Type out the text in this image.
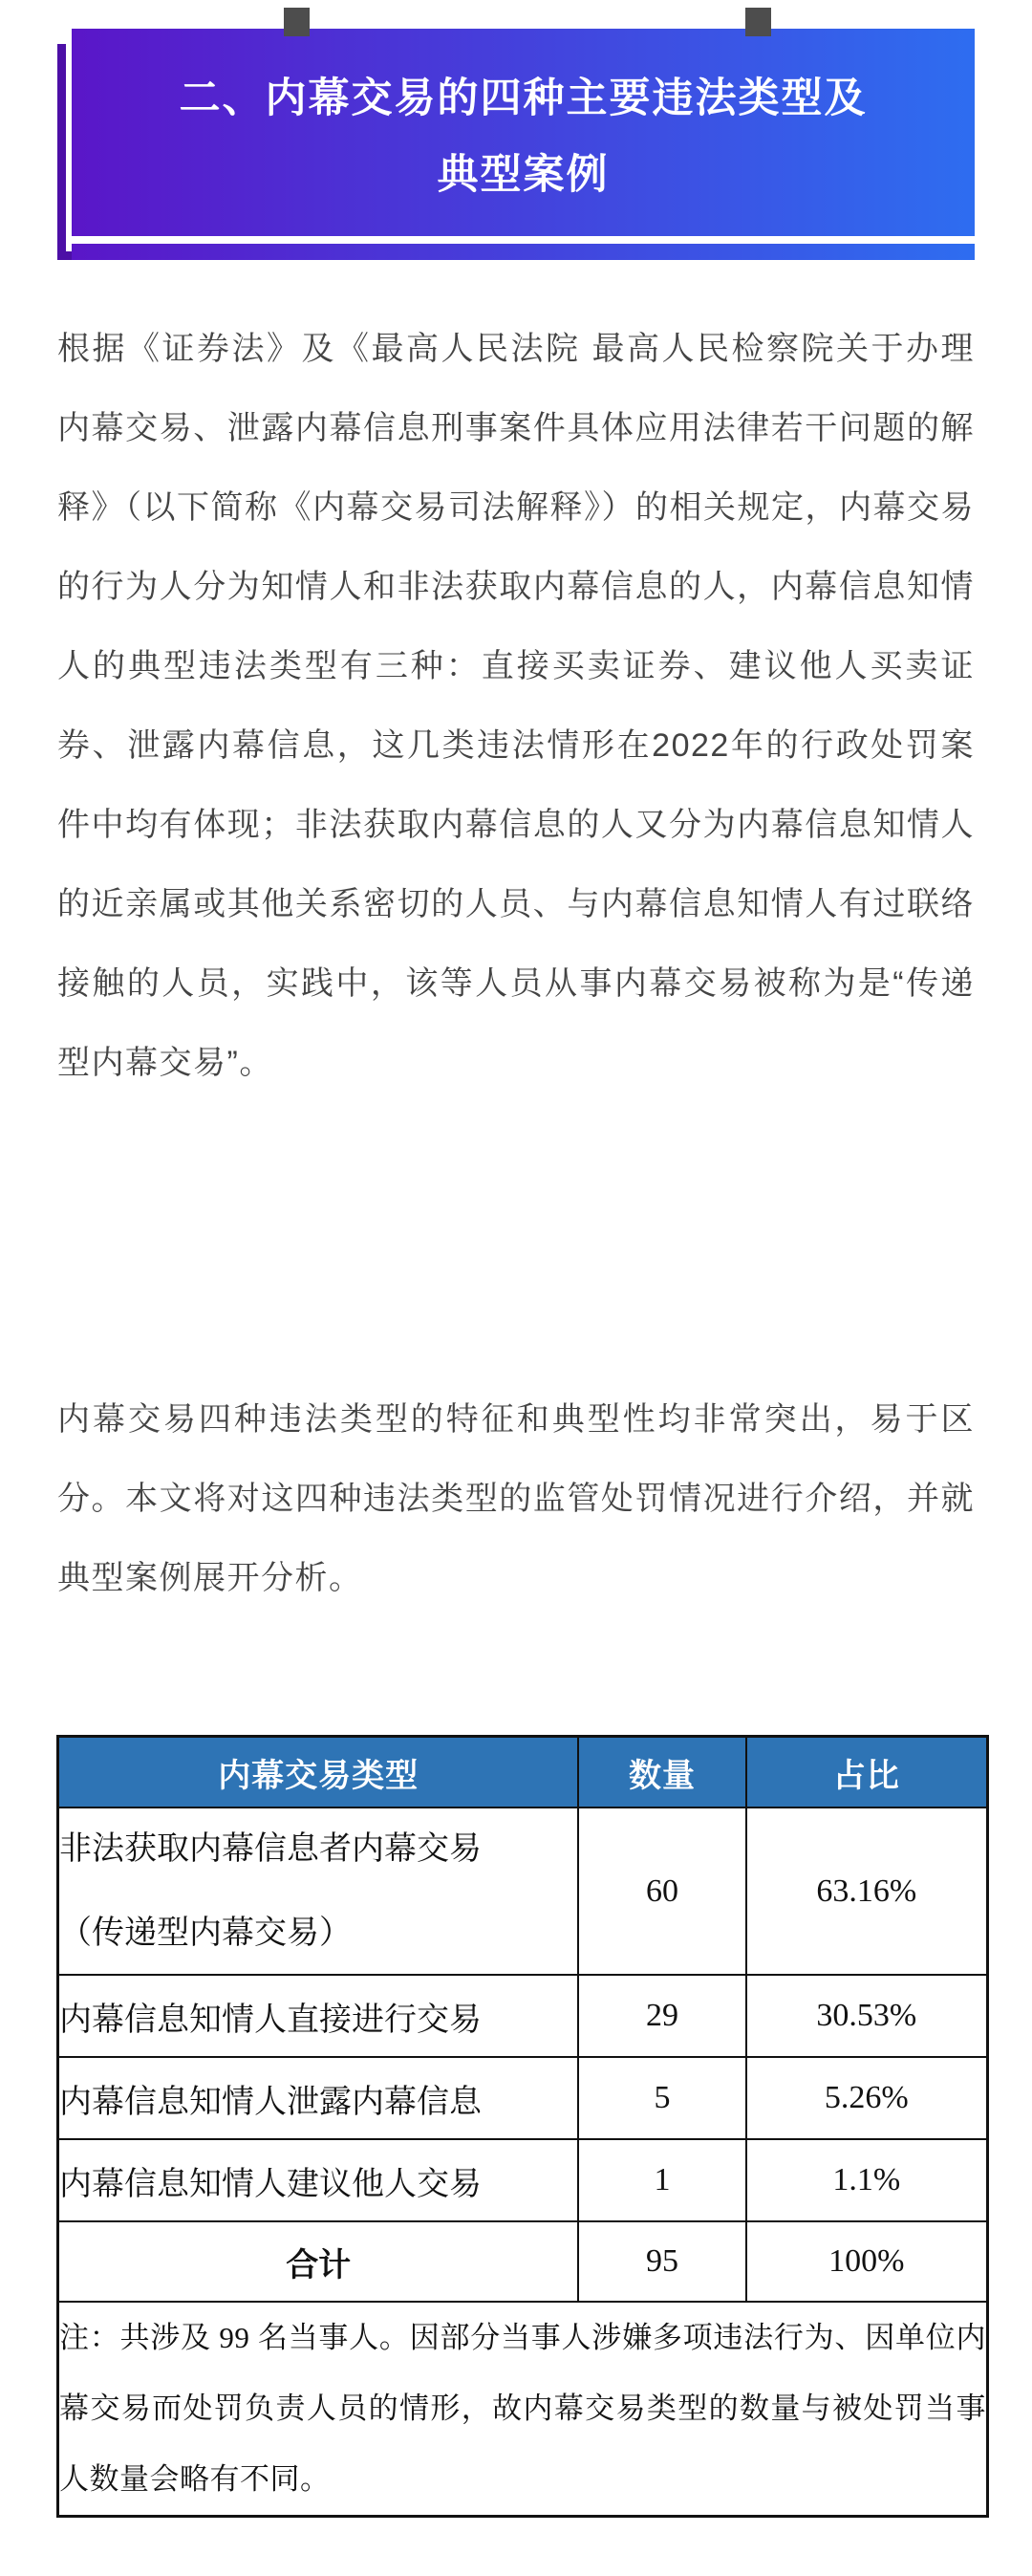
二、内幕交易的四种主要违法类型及
典型案例
根据《证券法》及《最高人民法院 最高人民检察院关于办理内幕交易、泄露内幕信息刑事案件具体应用法律若干问题的解释》（以下简称《内幕交易司法解释》）的相关规定，内幕交易的行为人分为知情人和非法获取内幕信息的人，内幕信息知情人的典型违法类型有三种：直接买卖证券、建议他人买卖证券、泄露内幕信息，这几类违法情形在2022年的行政处罚案件中均有体现；非法获取内幕信息的人又分为内幕信息知情人的近亲属或其他关系密切的人员、与内幕信息知情人有过联络接触的人员，实践中，该等人员从事内幕交易被称为是“传递型内幕交易”。
内幕交易四种违法类型的特征和典型性均非常突出，易于区分。本文将对这四种违法类型的监管处罚情况进行介绍，并就典型案例展开分析。
内幕交易类型	数量	占比

非法获取内幕信息者内幕交易
（传递型内幕交易）	60	63.16%
内幕信息知情人直接进行交易	29	30.53%
内幕信息知情人泄露内幕信息	5	5.26%
内幕信息知情人建议他人交易	1	1.1%
合计	95	100%
注：共涉及 99 名当事人。因部分当事人涉嫌多项违法行为、因单位内幕交易而处罚负责人员的情形，故内幕交易类型的数量与被处罚当事人数量会略有不同。		
